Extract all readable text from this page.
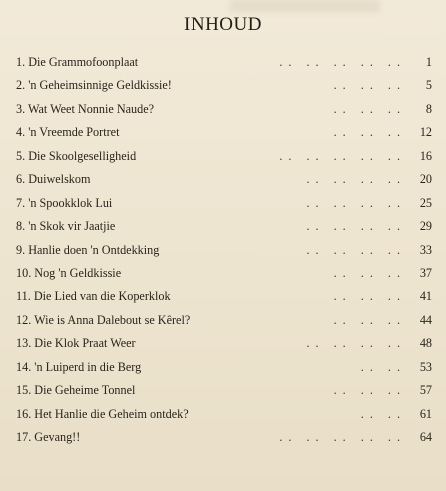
INHOUD
1. Die Grammofoonplaat	.. .. .. .. ..	1
2. 'n Geheimsinnige Geldkissie!	.. .. ..	5
3. Wat Weet Nonnie Naude?	.. .. ..	8
4. 'n Vreemde Portret	.. .. ..	12
5. Die Skoolgeselligheid	.. .. .. .. ..	16
6. Duiwelskom	.. .. .. ..	20
7. 'n Spookklok Lui	.. .. .. ..	25
8. 'n Skok vir Jaatjie	.. .. .. ..	29
9. Hanlie doen 'n Ontdekking	.. .. .. ..	33
10. Nog 'n Geldkissie	.. .. ..	37
11. Die Lied van die Koperklok	.. .. ..	41
12. Wie is Anna Dalebout se Kêrel?	.. .. ..	44
13. Die Klok Praat Weer	.. .. .. ..	48
14. 'n Luiperd in die Berg	.. ..	53
15. Die Geheime Tonnel	.. .. ..	57
16. Het Hanlie die Geheim ontdek?	.. ..	61
17. Gevang!!	.. .. .. .. ..	64
